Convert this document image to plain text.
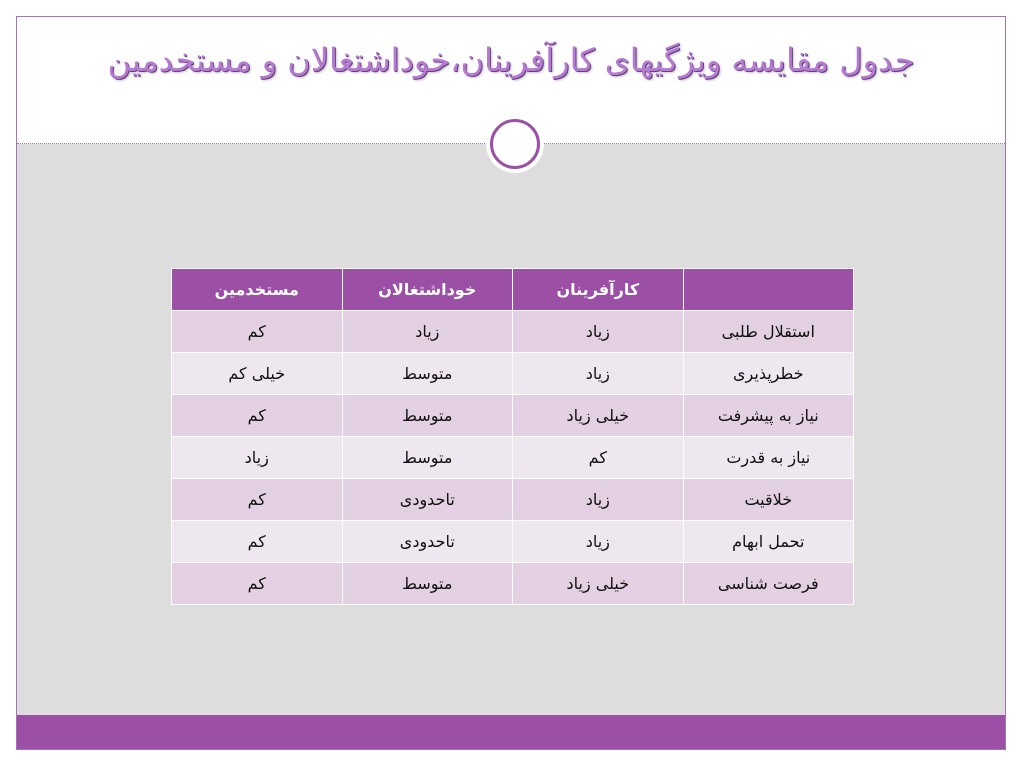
جدول مقایسه ویژگیهای کارآفرینان،خوداشتغالان و مستخدمین
	کارآفرینان	خوداشتغالان	مستخدمین
استقلال طلبی	زیاد	زیاد	کم
خطرپذیری	زیاد	متوسط	خیلی کم
نیاز به پیشرفت	خیلی زیاد	متوسط	کم
نیاز به قدرت	کم	متوسط	زیاد
خلاقیت	زیاد	تاحدودی	کم
تحمل ابهام	زیاد	تاحدودی	کم
فرصت شناسی	خیلی زیاد	متوسط	کم
